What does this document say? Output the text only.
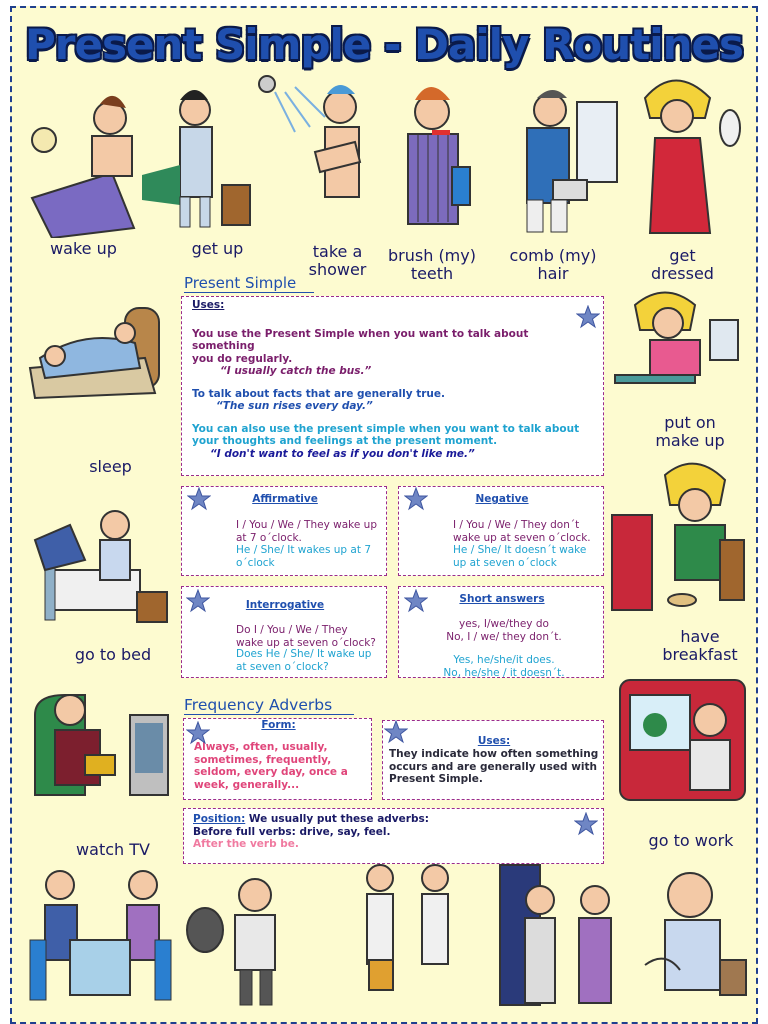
Present Simple - Daily Routines
wake up	get up	take a
shower
brush (my)
teeth
comb (my)
hair
get
dressed
sleep
go to bed
watch TV
put on
make up
have
breakfast
go to work
Present Simple
Uses:
You use the Present Simple when you want to talk about something
you do regularly.
“I usually catch the bus.”
To talk about facts that are generally true.
“The sun rises every day.”
You can also use the present simple when you want to talk about
your thoughts and feelings at the present moment.
“I don't want to feel as if you don't like me.”
Affirmative
I / You / We / They wake up
at 7 o´clock.
He / She/ It wakes up at 7
o´clock
Negative
I / You / We / They don´t
wake up at seven o´clock.
He / She/ It doesn´t wake
up at seven o´clock
Interrogative
Do I / You / We / They
wake up at seven o´clock?
Does He / She/ It wake up
at seven o´clock?
Short answers
yes, I/we/they do
No, I / we/ they don´t.
Yes, he/she/it does.
No, he/she / it doesn´t.
Frequency Adverbs
Form:
Always, often, usually,
sometimes, frequently,
seldom, every day, once a
week, generally...
Uses:
They indicate how often something
occurs and are generally used with
Present Simple.
Position: We usually put these adverbs:
Before full verbs: drive, say, feel.
After the verb be.
